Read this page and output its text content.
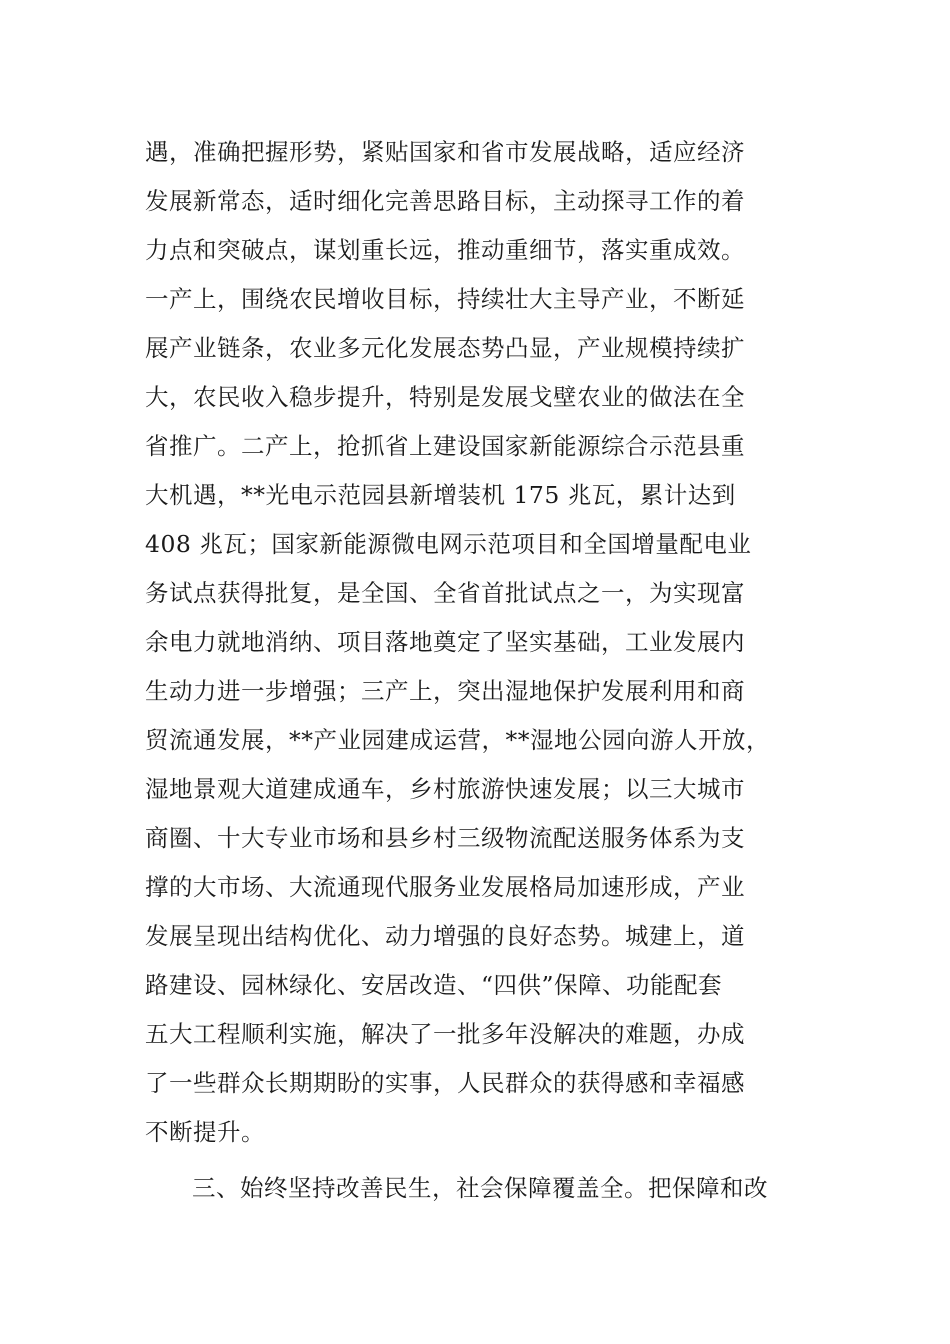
遇，准确把握形势，紧贴国家和省市发展战略，适应经济
发展新常态，适时细化完善思路目标，主动探寻工作的着
力点和突破点，谋划重长远，推动重细节，落实重成效。
一产上，围绕农民增收目标，持续壮大主导产业，不断延
展产业链条，农业多元化发展态势凸显，产业规模持续扩
大，农民收入稳步提升，特别是发展戈壁农业的做法在全
省推广。二产上，抢抓省上建设国家新能源综合示范县重
大机遇，**光电示范园县新增装机 175 兆瓦，累计达到
408 兆瓦；国家新能源微电网示范项目和全国增量配电业
务试点获得批复，是全国、全省首批试点之一，为实现富
余电力就地消纳、项目落地奠定了坚实基础，工业发展内
生动力进一步增强；三产上，突出湿地保护发展利用和商
贸流通发展，**产业园建成运营，**湿地公园向游人开放，
湿地景观大道建成通车，乡村旅游快速发展；以三大城市
商圈、十大专业市场和县乡村三级物流配送服务体系为支
撑的大市场、大流通现代服务业发展格局加速形成，产业
发展呈现出结构优化、动力增强的良好态势。城建上，道
路建设、园林绿化、安居改造、“四供”保障、功能配套
五大工程顺利实施，解决了一批多年没解决的难题，办成
了一些群众长期期盼的实事，人民群众的获得感和幸福感
不断提升。
三、始终坚持改善民生，社会保障覆盖全。把保障和改
